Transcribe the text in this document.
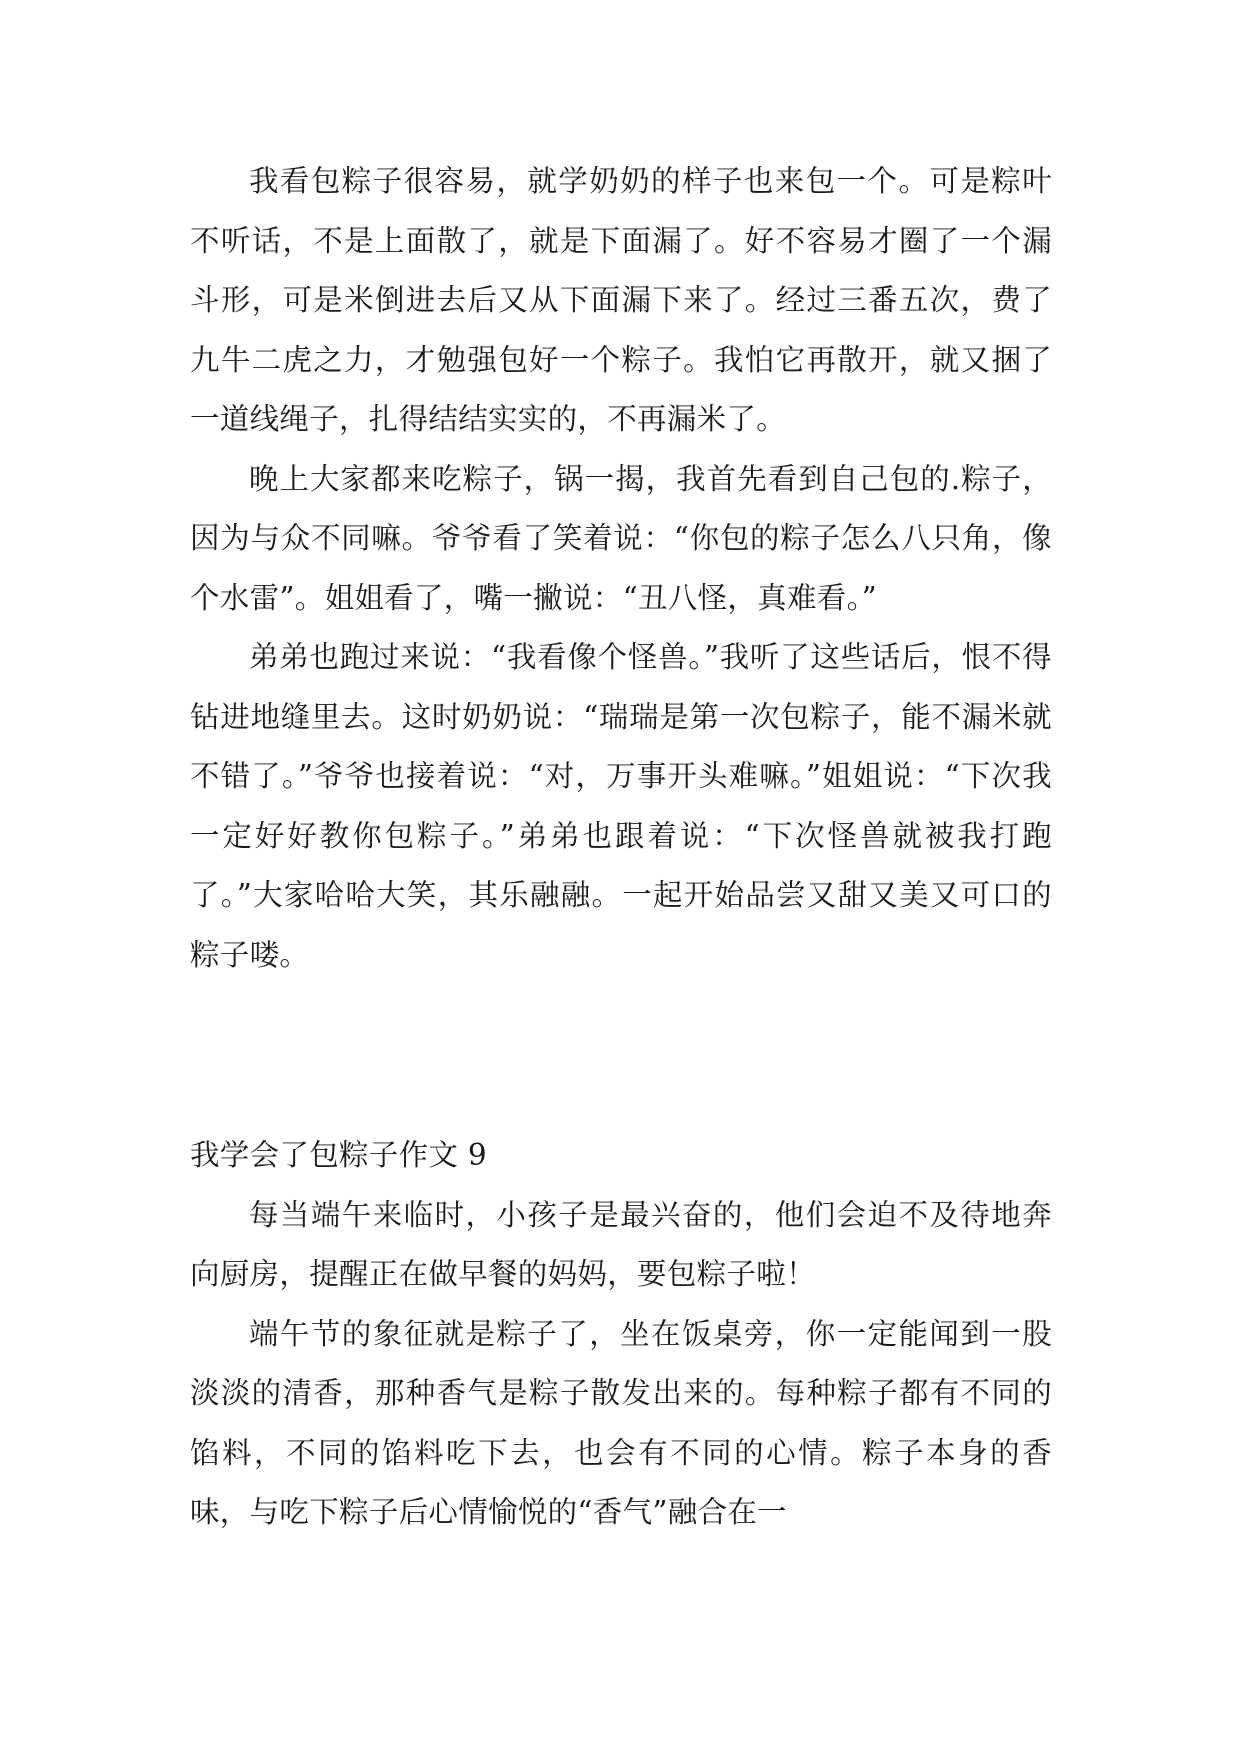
我看包粽子很容易，就学奶奶的样子也来包一个。可是粽叶不听话，不是上面散了，就是下面漏了。好不容易才圈了一个漏斗形，可是米倒进去后又从下面漏下来了。经过三番五次，费了九牛二虎之力，才勉强包好一个粽子。我怕它再散开，就又捆了一道线绳子，扎得结结实实的，不再漏米了。

晚上大家都来吃粽子，锅一揭，我首先看到自己包的.粽子，因为与众不同嘛。爷爷看了笑着说：“你包的粽子怎么八只角，像个水雷”。姐姐看了，嘴一撇说：“丑八怪，真难看。”

弟弟也跑过来说：“我看像个怪兽。”我听了这些话后，恨不得钻进地缝里去。这时奶奶说：“瑞瑞是第一次包粽子，能不漏米就不错了。”爷爷也接着说：“对，万事开头难嘛。”姐姐说：“下次我一定好好教你包粽子。”弟弟也跟着说：“下次怪兽就被我打跑了。”大家哈哈大笑，其乐融融。一起开始品尝又甜又美又可口的粽子喽。

我学会了包粽子作文 9

每当端午来临时，小孩子是最兴奋的，他们会迫不及待地奔向厨房，提醒正在做早餐的妈妈，要包粽子啦！

端午节的象征就是粽子了，坐在饭桌旁，你一定能闻到一股淡淡的清香，那种香气是粽子散发出来的。每种粽子都有不同的馅料，不同的馅料吃下去，也会有不同的心情。粽子本身的香味，与吃下粽子后心情愉悦的“香气”融合在一
